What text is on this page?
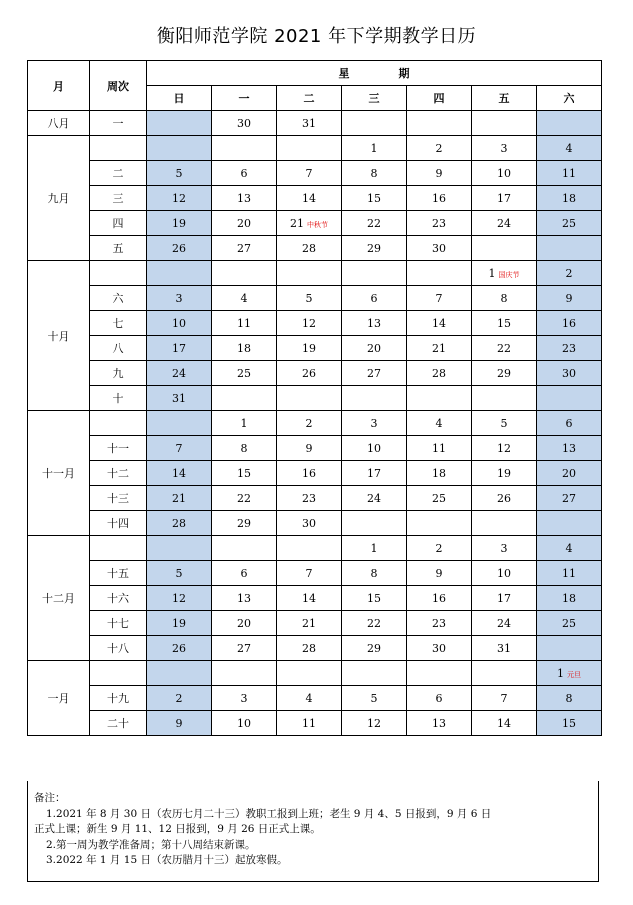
衡阳师范学院 2021 年下学期教学日历
月	周次	星 期						
		日	一	二	三	四	五	六
八月	一		30	31				
九月					1	2	3	4
	二	5	6	7	8	9	10	11
	三	12	13	14	15	16	17	18
	四	19	20	21 中秋节	22	23	24	25
	五	26	27	28	29	30		
十月							1 国庆节	2
	六	3	4	5	6	7	8	9
	七	10	11	12	13	14	15	16
	八	17	18	19	20	21	22	23
	九	24	25	26	27	28	29	30
	十	31						
十一月			1	2	3	4	5	6
	十一	7	8	9	10	11	12	13
	十二	14	15	16	17	18	19	20
	十三	21	22	23	24	25	26	27
	十四	28	29	30				
十二月					1	2	3	4
	十五	5	6	7	8	9	10	11
	十六	12	13	14	15	16	17	18
	十七	19	20	21	22	23	24	25
	十八	26	27	28	29	30	31	
一月								1 元旦
	十九	2	3	4	5	6	7	8
	二十	9	10	11	12	13	14	15
备注：
1.2021 年 8 月 30 日（农历七月二十三）教职工报到上班；老生 9 月 4、5 日报到，9 月 6 日
正式上课；新生 9 月 11、12 日报到，9 月 26 日正式上课。
2.第一周为教学准备周；第十八周结束新课。
3.2022 年 1 月 15 日（农历腊月十三）起放寒假。
